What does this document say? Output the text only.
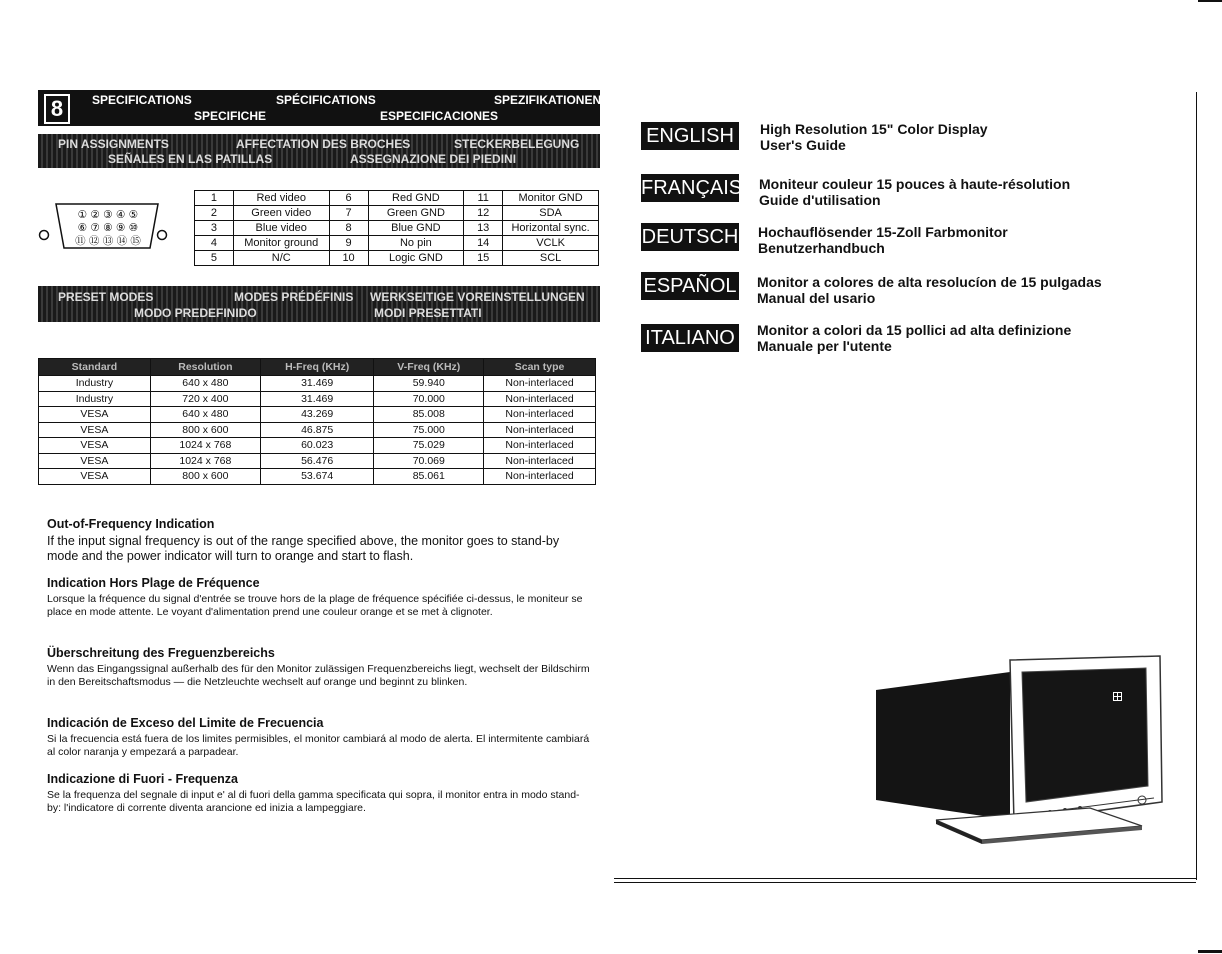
8	SPECIFICATIONS	SPÉCIFICATIONS	SPEZIFIKATIONEN
SPECIFICHE	ESPECIFICACIONES
PIN ASSIGNMENTS	AFFECTATION DES BROCHES	STECKERBELEGUNG
SEÑALES EN LAS PATILLAS	ASSEGNAZIONE DEI PIEDINI
① ② ③ ④ ⑤
⑥ ⑦ ⑧ ⑨ ⑩
⑪ ⑫ ⑬ ⑭ ⑮
1	Red video	6	Red GND	11	Monitor GND
2	Green video	7	Green GND	12	SDA
3	Blue video	8	Blue GND	13	Horizontal sync.
4	Monitor ground	9	No pin	14	VCLK
5	N/C	10	Logic GND	15	SCL
PRESET MODES	MODES PRÉDÉFINIS WERKSEITIGE VOREINSTELLUNGEN
MODO PREDEFINIDO	MODI PRESETTATI
Standard	Resolution	H-Freq (KHz)	V-Freq (KHz)	Scan type
Industry	640 x 480	31.469	59.940	Non-interlaced
Industry	720 x 400	31.469	70.000	Non-interlaced
VESA	640 x 480	43.269	85.008	Non-interlaced
VESA	800 x 600	46.875	75.000	Non-interlaced
VESA	1024 x 768	60.023	75.029	Non-interlaced
VESA	1024 x 768	56.476	70.069	Non-interlaced
VESA	800 x 600	53.674	85.061	Non-interlaced
Out-of-Frequency Indication

If the input signal frequency is out of the range specified above, the monitor goes to stand-by mode and the power indicator will turn to orange and start to flash.

Indication Hors Plage de Fréquence

Lorsque la fréquence du signal d'entrée se trouve hors de la plage de fréquence spécifiée ci-dessus, le moniteur se place en mode attente. Le voyant d'alimentation prend une couleur orange et se met à clignoter.

Überschreitung des Freguenzbereichs

Wenn das Eingangssignal außerhalb des für den Monitor zulässigen Frequenzbereichs liegt, wechselt der Bildschirm in den Bereitschaftsmodus — die Netzleuchte wechselt auf orange und beginnt zu blinken.

Indicación de Exceso del Limite de Frecuencia

Si la frecuencia está fuera de los limites permisibles, el monitor cambiará al modo de alerta. El intermitente cambiará al color naranja y empezará a parpadear.

Indicazione di Fuori - Frequenza

Se la frequenza del segnale di input e' al di fuori della gamma specificata qui sopra, il monitor entra in modo stand-by: l'indicatore di corrente diventa arancione ed inizia a lampeggiare.

ENGLISH	High Resolution 15" Color Display
User's Guide
FRANÇAIS Moniteur couleur 15 pouces à haute-résolution
Guide d'utilisation
DEUTSCH Hochauflösender 15-Zoll Farbmonitor
Benutzerhandbuch
ESPAÑOL Monitor a colores de alta resolucíon de 15 pulgadas
Manual del usario
ITALIANO Monitor a colori da 15 pollici ad alta definizione
Manuale per l'utente
